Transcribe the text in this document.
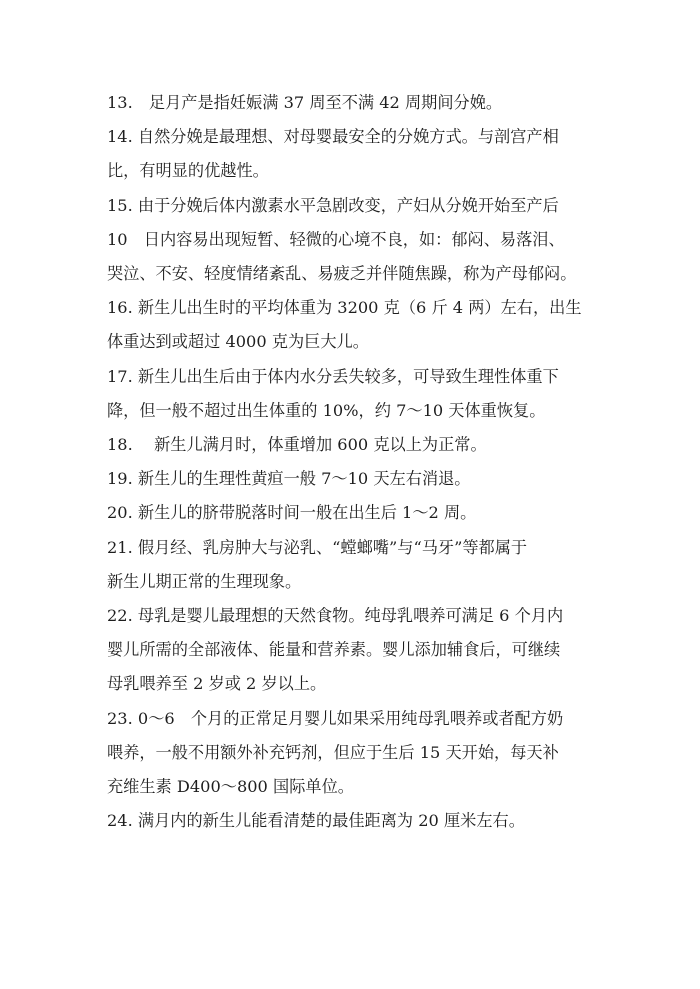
13.　足月产是指妊娠满 37 周至不满 42 周期间分娩。

14. 自然分娩是最理想、对母婴最安全的分娩方式。与剖宫产相
比，有明显的优越性。

15. 由于分娩后体内激素水平急剧改变，产妇从分娩开始至产后
10　日内容易出现短暂、轻微的心境不良，如：郁闷、易落泪、
哭泣、不安、轻度情绪紊乱、易疲乏并伴随焦躁，称为产母郁闷。

16. 新生儿出生时的平均体重为 3200 克（6 斤 4 两）左右，出生
体重达到或超过 4000 克为巨大儿。

17. 新生儿出生后由于体内水分丢失较多，可导致生理性体重下
降，但一般不超过出生体重的 10%，约 7～10 天体重恢复。

18.　 新生儿满月时，体重增加 600 克以上为正常。

19. 新生儿的生理性黄疸一般 7～10 天左右消退。

20. 新生儿的脐带脱落时间一般在出生后 1～2 周。

21. 假月经、乳房肿大与泌乳、“螳螂嘴”与“马牙”等都属于
新生儿期正常的生理现象。

22. 母乳是婴儿最理想的天然食物。纯母乳喂养可满足 6 个月内
婴儿所需的全部液体、能量和营养素。婴儿添加辅食后，可继续
母乳喂养至 2 岁或 2 岁以上。

23. 0～6　个月的正常足月婴儿如果采用纯母乳喂养或者配方奶
喂养，一般不用额外补充钙剂，但应于生后 15 天开始，每天补
充维生素 D400～800 国际单位。

24. 满月内的新生儿能看清楚的最佳距离为 20 厘米左右。
